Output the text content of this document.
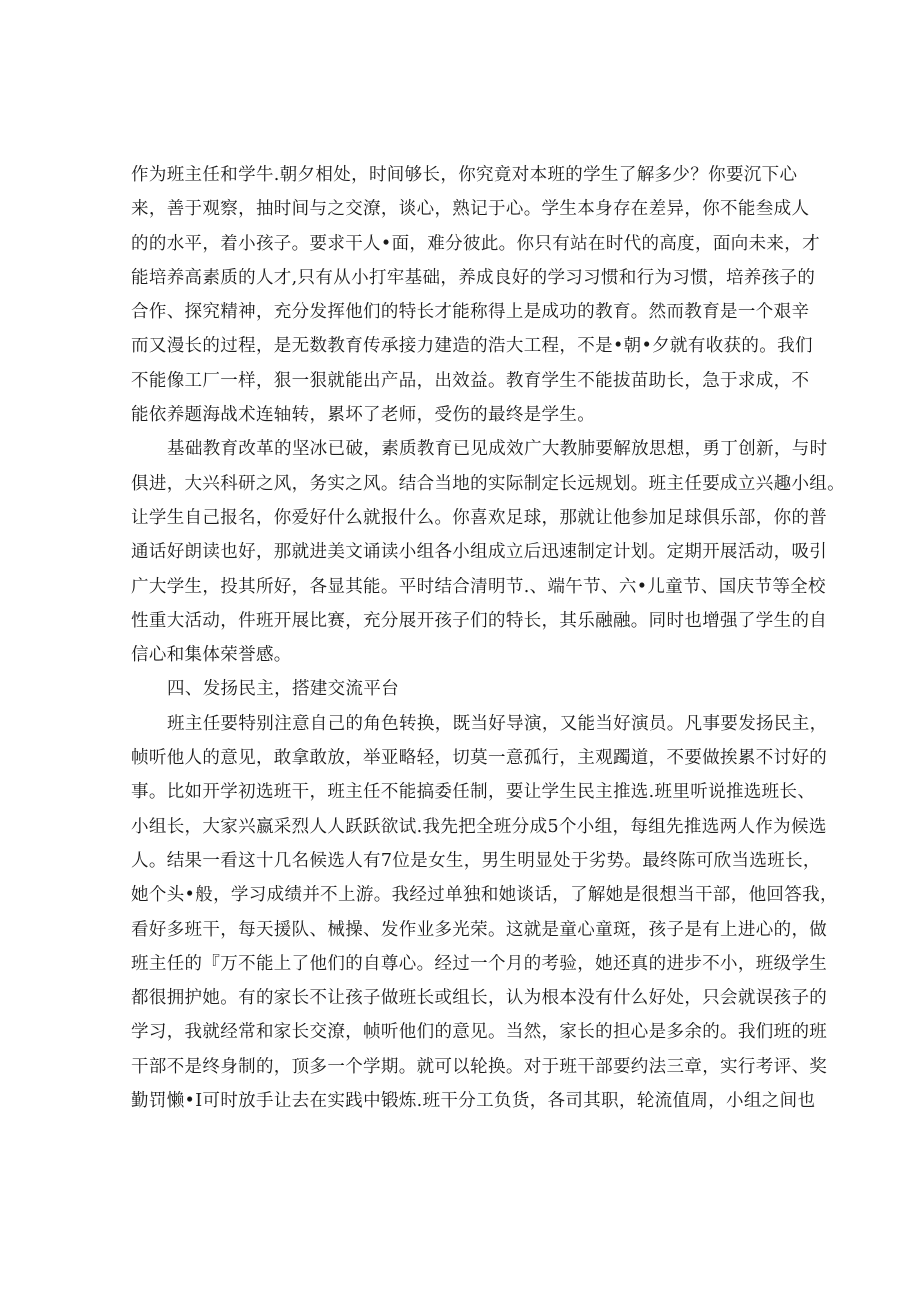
作为班主任和学牛.朝夕相处，时间够长，你究竟对本班的学生了解多少？你要沉下心
来，善于观察，抽时间与之交潦，谈心，熟记于心。学生本身存在差异，你不能叁成人
的的水平，着小孩子。要求干人•面，难分彼此。你只有站在时代的高度，面向未来，才
能培养高素质的人才,只有从小打牢基础，养成良好的学习习惯和行为习惯，培养孩子的
合作、探究精神，充分发挥他们的特长才能称得上是成功的教育。然而教育是一个艰辛
而又漫长的过程，是无数教育传承接力建造的浩大工程，不是•朝•夕就有收获的。我们
不能像工厂一样，狠一狠就能出产品，出效益。教育学生不能拔苗助长，急于求成，不
能依养题海战术连轴转，累坏了老师，受伤的最终是学生。
基础教育改革的坚冰已破，素质教育已见成效广大教肺要解放思想，勇丁创新，与时
俱进，大兴科研之风，务实之风。结合当地的实际制定长远规划。班主任要成立兴趣小组。
让学生自己报名，你爱好什么就报什么。你喜欢足球，那就让他参加足球俱乐部，你的普
通话好朗读也好，那就进美文诵读小组各小组成立后迅速制定计划。定期开展活动，吸引
广大学生，投其所好，各显其能。平时结合清明节.、端午节、六•儿童节、国庆节等全校
性重大活动，件班开展比赛，充分展开孩子们的特长，其乐融融。同时也增强了学生的自
信心和集体荣誉感。
四、发扬民主，搭建交流平台
班主任要特别注意自己的角色转换，既当好导演，又能当好演员。凡事要发扬民主，
帧听他人的意见，敢拿敢放，举亚略轻，切莫一意孤行，主观躅道，不要做挨累不讨好的
事。比如开学初选班干，班主任不能搞委任制，要让学生民主推选.班里听说推选班长、
小组长，大家兴嬴采烈人人跃跃欲试.我先把全班分成5个小组，每组先推选两人作为候选
人。结果一看这十几名候选人有7位是女生，男生明显处于劣势。最终陈可欣当选班长，
她个头•般，学习成绩并不上游。我经过单独和她谈话，了解她是很想当干部，他回答我，
看好多班干，每天援队、械操、发作业多光荣。这就是童心童斑，孩子是有上进心的，做
班主任的『万不能上了他们的自尊心。经过一个月的考验，她还真的进步不小，班级学生
都很拥护她。有的家长不让孩子做班长或组长，认为根本没有什么好处，只会就误孩子的
学习，我就经常和家长交潦，帧听他们的意见。当然，家长的担心是多余的。我们班的班
干部不是终身制的，顶多一个学期。就可以轮换。对于班干部要约法三章，实行考评、奖
勤罚懒•I可时放手让去在实践中锻炼.班干分工负货，各司其职，轮流值周，小组之间也
